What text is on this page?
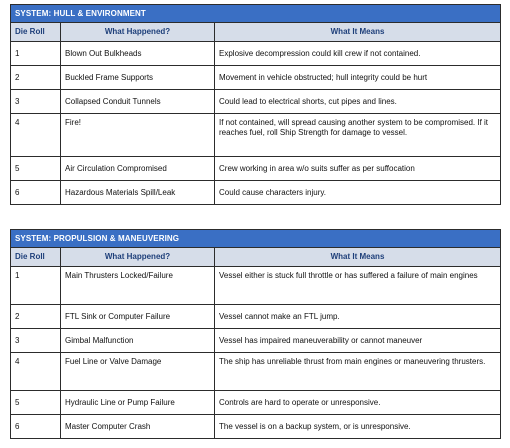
SYSTEM: HULL & ENVIRONMENT		
Die Roll	What Happened?	What It Means
1	Blown Out Bulkheads	Explosive decompression could kill crew if not contained.
2	Buckled Frame Supports	Movement in vehicle obstructed; hull integrity could be hurt
3	Collapsed Conduit Tunnels	Could lead to electrical shorts, cut pipes and lines.
4	Fire!	If not contained, will spread causing another system to be compromised. If it reaches fuel, roll Ship Strength for damage to vessel.
5	Air Circulation Compromised	Crew working in area w/o suits suffer as per suffocation
6	Hazardous Materials Spill/Leak	Could cause characters injury.
SYSTEM: PROPULSION & MANEUVERING		
Die Roll	What Happened?	What It Means
1	Main Thrusters Locked/Failure	Vessel either is stuck full throttle or has suffered a failure of main engines
2	FTL Sink or Computer Failure	Vessel cannot make an FTL jump.
3	Gimbal Malfunction	Vessel has impaired maneuverability or cannot maneuver
4	Fuel Line or Valve Damage	The ship has unreliable thrust from main engines or maneuvering thrusters.
5	Hydraulic Line or Pump Failure	Controls are hard to operate or unresponsive.
6	Master Computer Crash	The vessel is on a backup system, or is unresponsive.
